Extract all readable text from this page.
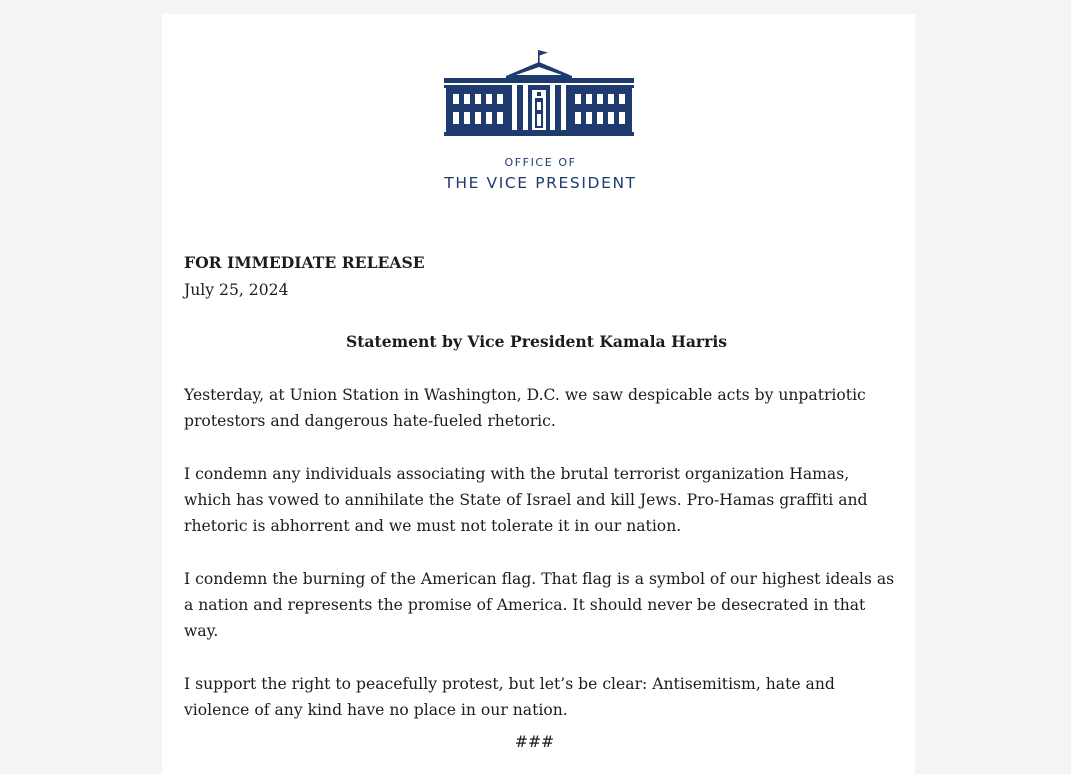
OFFICE OF
THE VICE PRESIDENT
FOR IMMEDIATE RELEASE
July 25, 2024
Statement by Vice President Kamala Harris

Yesterday, at Union Station in Washington, D.C. we saw despicable acts by unpatriotic protestors and dangerous hate-fueled rhetoric.

I condemn any individuals associating with the brutal terrorist organization Hamas, which has vowed to annihilate the State of Israel and kill Jews. Pro-Hamas graffiti and rhetoric is abhorrent and we must not tolerate it in our nation.

I condemn the burning of the American flag. That flag is a symbol of our highest ideals as a nation and represents the promise of America. It should never be desecrated in that way.

I support the right to peacefully protest, but let’s be clear: Antisemitism, hate and violence of any kind have no place in our nation.

###
